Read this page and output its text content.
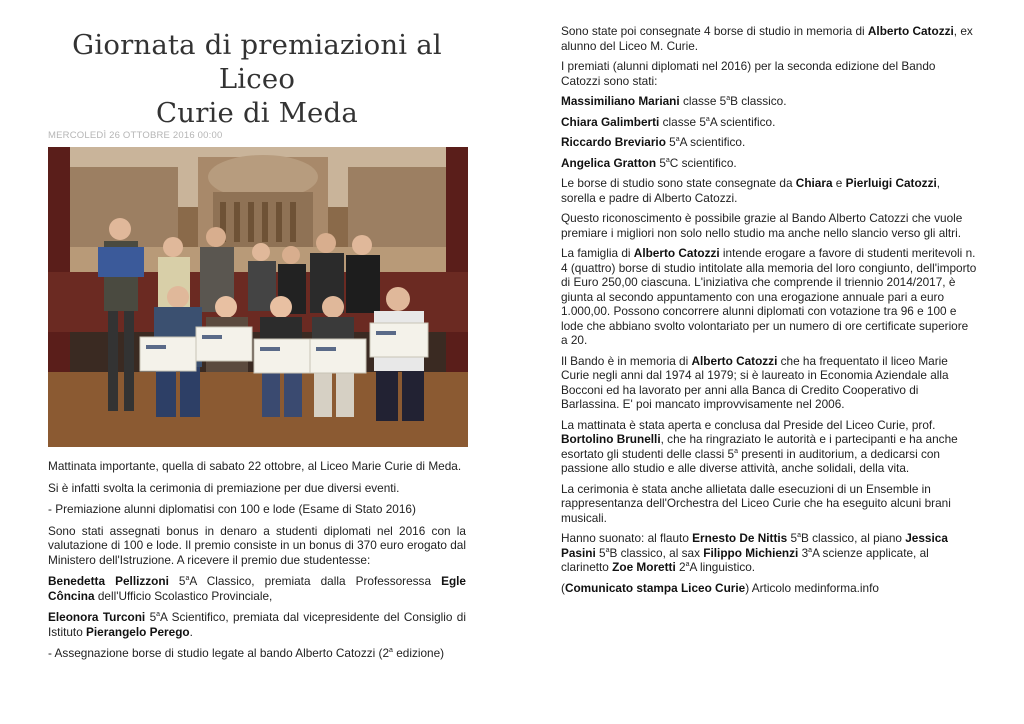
Giornata di premiazioni al Liceo
Curie di Meda
MERCOLEDÌ 26 OTTOBRE 2016 00:00

Mattinata importante, quella di sabato 22 ottobre, al Liceo Marie Curie di Meda.

Si è infatti svolta la cerimonia di premiazione per due diversi eventi.

- Premiazione alunni diplomatisi con 100 e lode (Esame di Stato 2016)

Sono stati assegnati bonus in denaro a studenti diplomati nel 2016 con la valutazione di 100 e lode. Il premio consiste in un bonus di 370 euro erogato dal Ministero dell'Istruzione. A ricevere il premio due studentesse:

Benedetta Pellizzoni 5$^a$A Classico, premiata dalla Professoressa Egle Côncina dell'Ufficio Scolastico Provinciale,

Eleonora Turconi 5$^a$A Scientifico, premiata dal vicepresidente del Consiglio di Istituto Pierangelo Perego.

- Assegnazione borse di studio legate al bando Alberto Catozzi (2$^a$ edizione)

Sono state poi consegnate 4 borse di studio in memoria di Alberto Catozzi, ex alunno del Liceo M. Curie.

I premiati (alunni diplomati nel 2016) per la seconda edizione del Bando Catozzi sono stati:

Massimiliano Mariani classe 5$^a$B classico.

Chiara Galimberti classe 5$^a$A scientifico.

Riccardo Breviario 5$^a$A scientifico.

Angelica Gratton 5$^a$C scientifico.

Le borse di studio sono state consegnate da Chiara e Pierluigi Catozzi, sorella e padre di Alberto Catozzi.

Questo riconoscimento è possibile grazie al Bando Alberto Catozzi che vuole premiare i migliori non solo nello studio ma anche nello slancio verso gli altri.

La famiglia di Alberto Catozzi intende erogare a favore di studenti meritevoli n. 4 (quattro) borse di studio intitolate alla memoria del loro congiunto, dell'importo di Euro 250,00 ciascuna. L'iniziativa che comprende il triennio 2014/2017, è giunta al secondo appuntamento con una erogazione annuale pari a euro 1.000,00. Possono concorrere alunni diplomati con votazione tra 96 e 100 e lode che abbiano svolto volontariato per un numero di ore certificate superiore a 20.

Il Bando è in memoria di Alberto Catozzi che ha frequentato il liceo Marie Curie negli anni dal 1974 al 1979; si è laureato in Economia Aziendale alla Bocconi ed ha lavorato per anni alla Banca di Credito Cooperativo di Barlassina. E' poi mancato improvvisamente nel 2006.

La mattinata è stata aperta e conclusa dal Preside del Liceo Curie, prof. Bortolino Brunelli, che ha ringraziato le autorità e i partecipanti e ha anche esortato gli studenti delle classi 5$^a$ presenti in auditorium, a dedicarsi con passione allo studio e alle diverse attività, anche solidali, della vita.

La cerimonia è stata anche allietata dalle esecuzioni di un Ensemble in rappresentanza dell'Orchestra del Liceo Curie che ha eseguito alcuni brani musicali.

Hanno suonato: al flauto Ernesto De Nittis 5$^a$B classico, al piano Jessica Pasini 5$^a$B classico, al sax Filippo Michienzi 3$^a$A scienze applicate, al clarinetto Zoe Moretti 2$^a$A linguistico.

(Comunicato stampa Liceo Curie) Articolo medinforma.info
